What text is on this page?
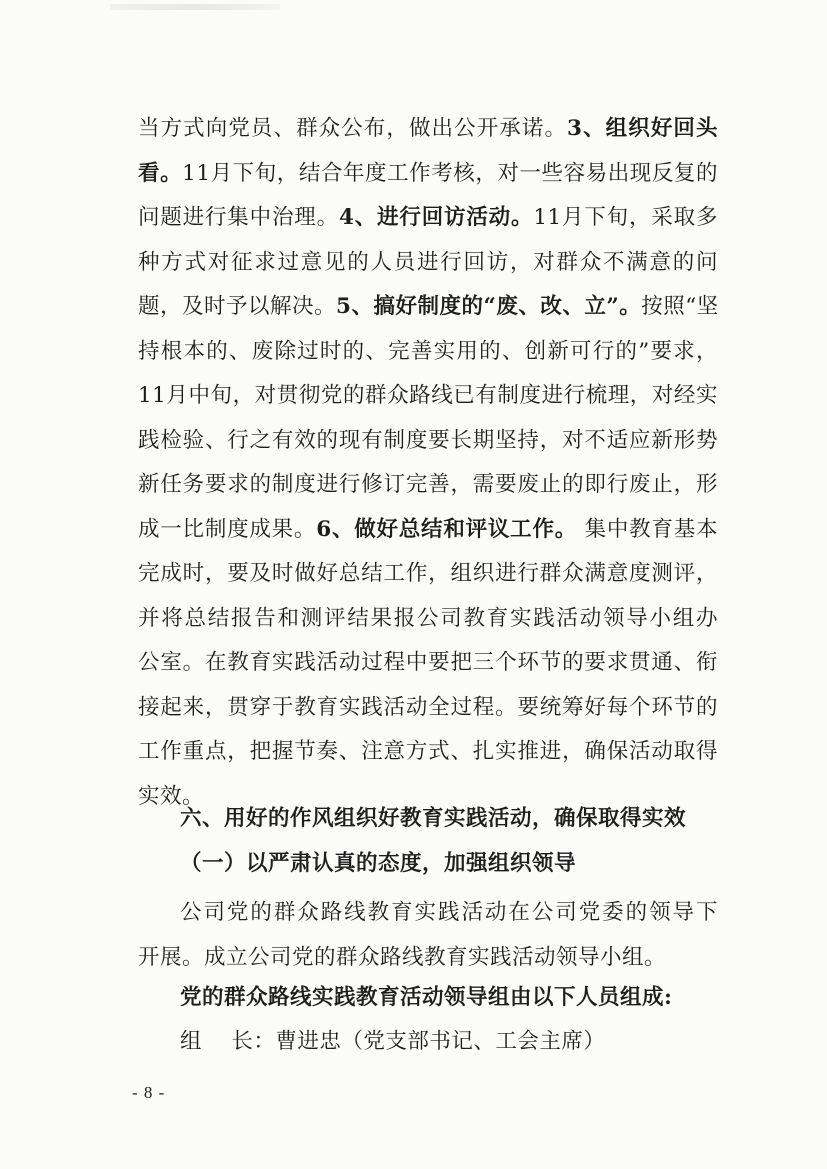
当方式向党员、群众公布，做出公开承诺。3、组织好回头
看。11月下旬，结合年度工作考核，对一些容易出现反复的
问题进行集中治理。4、进行回访活动。11月下旬，采取多
种方式对征求过意见的人员进行回访，对群众不满意的问
题，及时予以解决。5、搞好制度的“废、改、立”。按照“坚
持根本的、废除过时的、完善实用的、创新可行的”要求，
11月中旬，对贯彻党的群众路线已有制度进行梳理，对经实
践检验、行之有效的现有制度要长期坚持，对不适应新形势
新任务要求的制度进行修订完善，需要废止的即行废止，形
成一比制度成果。6、做好总结和评议工作。 集中教育基本
完成时，要及时做好总结工作，组织进行群众满意度测评，
并将总结报告和测评结果报公司教育实践活动领导小组办
公室。在教育实践活动过程中要把三个环节的要求贯通、衔
接起来，贯穿于教育实践活动全过程。要统筹好每个环节的
工作重点，把握节奏、注意方式、扎实推进，确保活动取得
实效。
六、用好的作风组织好教育实践活动，确保取得实效
（一）以严肃认真的态度，加强组织领导
公司党的群众路线教育实践活动在公司党委的领导下
开展。成立公司党的群众路线教育实践活动领导小组。
党的群众路线实践教育活动领导组由以下人员组成:
组    长：曹进忠（党支部书记、工会主席）
- 8 -
